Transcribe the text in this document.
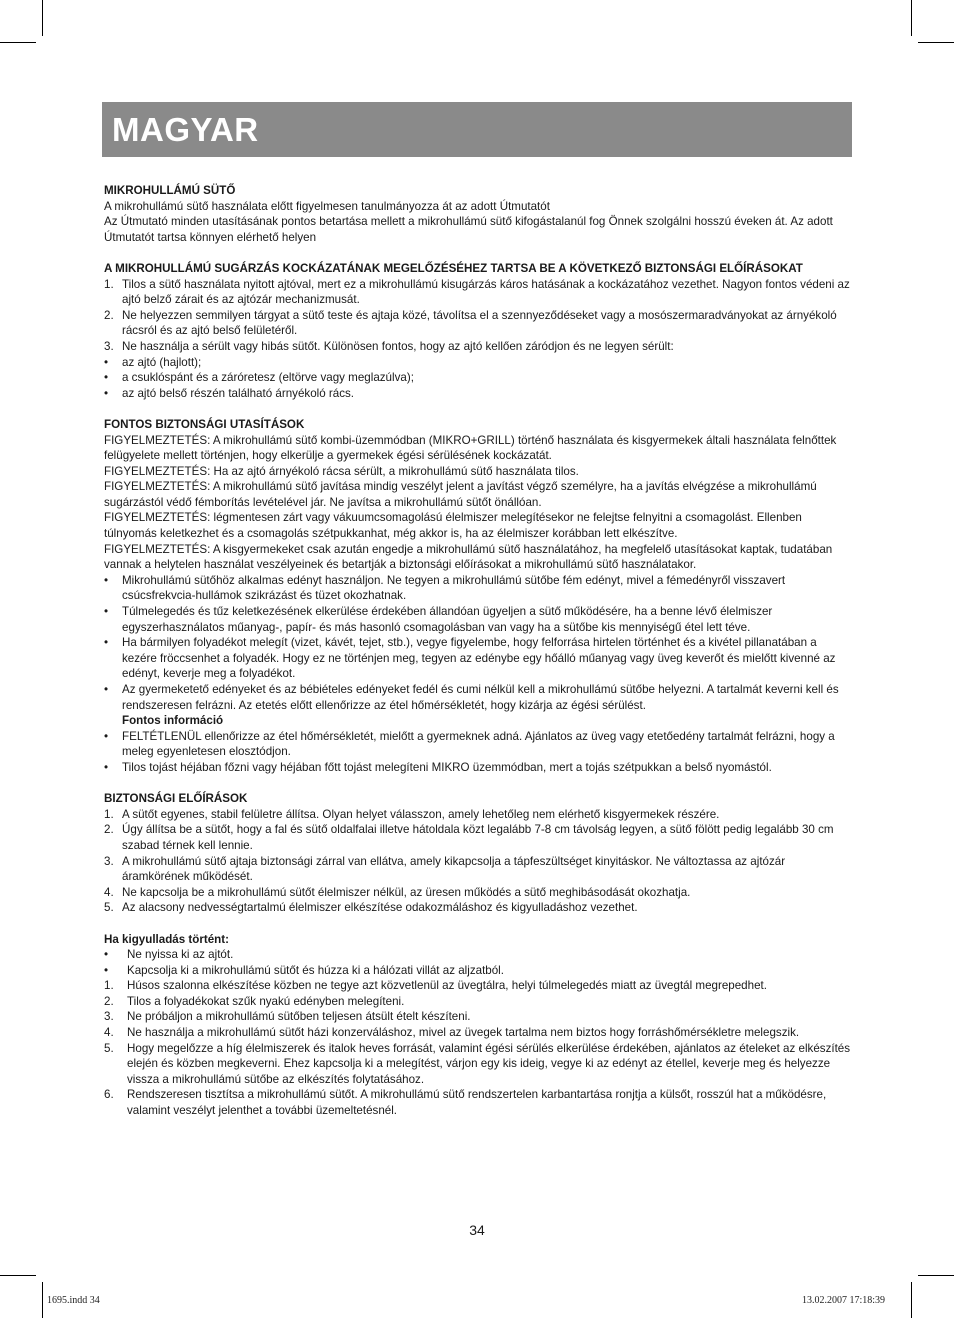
MAGYAR
MIKROHULLÁMÚ SÜTŐ
A mikrohullámú sütő használata előtt figyelmesen tanulmányozza át az adott Útmutatót
Az Útmutató minden utasításának pontos betartása mellett a mikrohullámú sütő kifogástalanúl fog Önnek szolgálni hosszú éveken át. Az adott Útmutatót tartsa könnyen elérhető helyen
A MIKROHULLÁMÚ SUGÁRZÁS KOCKÁZATÁNAK MEGELŐZÉSÉHEZ TARTSA BE A KÖVETKEZŐ BIZTONSÁGI ELŐÍRÁSOKAT
1. Tilos a sütő használata nyitott ajtóval, mert ez a mikrohullámú kisugárzás káros hatásának a kockázatához vezethet. Nagyon fontos védeni az ajtó belző zárait és az ajtózár mechanizmusát.
2. Ne helyezzen semmilyen tárgyat a sütő teste és ajtaja közé, távolítsa el a szennyeződéseket vagy a mosószermaradványokat az árnyékoló rácsról és az ajtó belső felületéről.
3. Ne használja a sérült vagy hibás sütőt. Különösen fontos, hogy az ajtó kellően záródjon és ne legyen sérült:
• az ajtó (hajlott);
• a csuklóspánt és a záróretesz (eltörve vagy meglazúlva);
• az ajtó belső részén található árnyékoló rács.
FONTOS BIZTONSÁGI UTASÍTÁSOK
FIGYELMEZTETÉS: A mikrohullámú sütő kombi-üzemmódban (MIKRO+GRILL) történő használata és kisgyermekek általi használata felnőttek felügyelete mellett történjen, hogy elkerülje a gyermekek égési sérülésének kockázatát.
FIGYELMEZTETÉS: Ha az ajtó árnyékoló rácsa sérült, a mikrohullámú sütő használata tilos.
FIGYELMEZTETÉS: A mikrohullámú sütő javítása mindig veszélyt jelent a javítást végző személyre, ha a javítás elvégzése a mikrohullámú sugárzástól védő fémborítás levételével jár. Ne javítsa a mikrohullámú sütőt önállóan.
FIGYELMEZTETÉS: légmentesen zárt vagy vákuumcsomagolású élelmiszer melegítésekor ne felejtse felnyitni a csomagolást. Ellenben túlnyomás keletkezhet és a csomagolás szétpukkanhat, még akkor is, ha az élelmiszer korábban lett elkészítve.
FIGYELMEZTETÉS: A kisgyermekeket csak azután engedje a mikrohullámú sütő használatához, ha megfelelő utasításokat kaptak, tudatában vannak a helytelen használat veszélyeinek és betartják a biztonsági előírásokat a mikrohullámú sütő használatakor.
• Mikrohullámú sütőhöz alkalmas edényt használjon. Ne tegyen a mikrohullámú sütőbe fém edényt, mivel a fémedényről visszavert csúcsfrekvcia-hullámok szikrázást és tüzet okozhatnak.
• Túlmelegedés és tűz keletkezésének elkerülése érdekében állandóan ügyeljen a sütő működésére, ha a benne lévő élelmiszer egyszerhasználatos műanyag-, papír- és más hasonló csomagolásban van vagy ha a sütőbe kis mennyiségű étel lett téve.
• Ha bármilyen folyadékot melegít (vizet, kávét, tejet, stb.), vegye figyelembe, hogy felforrása hirtelen történhet és a kivétel pillanatában a kezére fröccsenhet a folyadék. Hogy ez ne történjen meg, tegyen az edénybe egy hőálló műanyag vagy üveg keverőt és mielőtt kivenné az edényt, keverje meg a folyadékot.
• Az gyermeketető edényeket és az bébiételes edényeket fedél és cumi nélkül kell a mikrohullámú sütőbe helyezni. A tartalmát keverni kell és rendszeresen felrázni. Az etetés előtt ellenőrizze az étel hőmérsékletét, hogy kizárja az égési sérülést.
Fontos információ
• FELTÉTLENÜL ellenőrizze az étel hőmérsékletét, mielőtt a gyermeknek adná. Ajánlatos az üveg vagy etetőedény tartalmát felrázni, hogy a meleg egyenletesen elosztódjon.
• Tilos tojást héjában főzni vagy héjában főtt tojást melegíteni MIKRO üzemmódban, mert a tojás szétpukkan a belső nyomástól.
BIZTONSÁGI ELŐÍRÁSOK
1. A sütőt egyenes, stabil felületre állítsa. Olyan helyet válasszon, amely lehetőleg nem elérhető kisgyermekek részére.
2. Úgy állítsa be a sütőt, hogy a fal és sütő oldalfalai illetve hátoldala közt legalább 7-8 cm távolság legyen, a sütő fölött pedig legalább 30 cm szabad térnek kell lennie.
3. A mikrohullámú sütő ajtaja biztonsági zárral van ellátva, amely kikapcsolja a tápfeszültséget kinyitáskor. Ne változtassa az ajtózár áramkörének működését.
4. Ne kapcsolja be a mikrohullámú sütőt élelmiszer nélkül, az üresen működés a sütő meghibásodását okozhatja.
5. Az alacsony nedvességtartalmú élelmiszer elkészítése odakozmáláshoz és kigyulladáshoz vezethet.
Ha kigyulladás történt:
• Ne nyissa ki az ajtót.
• Kapcsolja ki a mikrohullámú sütőt és húzza ki a hálózati villát az aljzatból.
1. Húsos szalonna elkészítése közben ne tegye azt közvetlenül az üvegtálra, helyi túlmelegedés miatt az üvegtál megrepedhet.
2. Tilos a folyadékokat szűk nyakú edényben melegíteni.
3. Ne próbáljon a mikrohullámú sütőben teljesen átsült ételt készíteni.
4. Ne használja a mikrohullámú sütőt házi konzerváláshoz, mivel az üvegek tartalma nem biztos hogy forráshőmérsékletre melegszik.
5. Hogy megelőzze a híg élelmiszerek és italok heves forrását, valamint égési sérülés elkerülése érdekében, ajánlatos az ételeket az elkészítés elején és közben megkeverni. Ehez kapcsolja ki a melegítést, várjon egy kis ideig, vegye ki az edényt az étellel, keverje meg és helyezze vissza a mikrohullámú sütőbe az elkészítés folytatásához.
6. Rendszeresen tisztítsa a mikrohullámú sütőt. A mikrohullámú sütő rendszertelen karbantartása ronjtja a külsőt, rosszúl hat a működésre, valamint veszélyt jelenthet a további üzemeltetésnél.
34
1695.indd 34	13.02.2007 17:18:39
